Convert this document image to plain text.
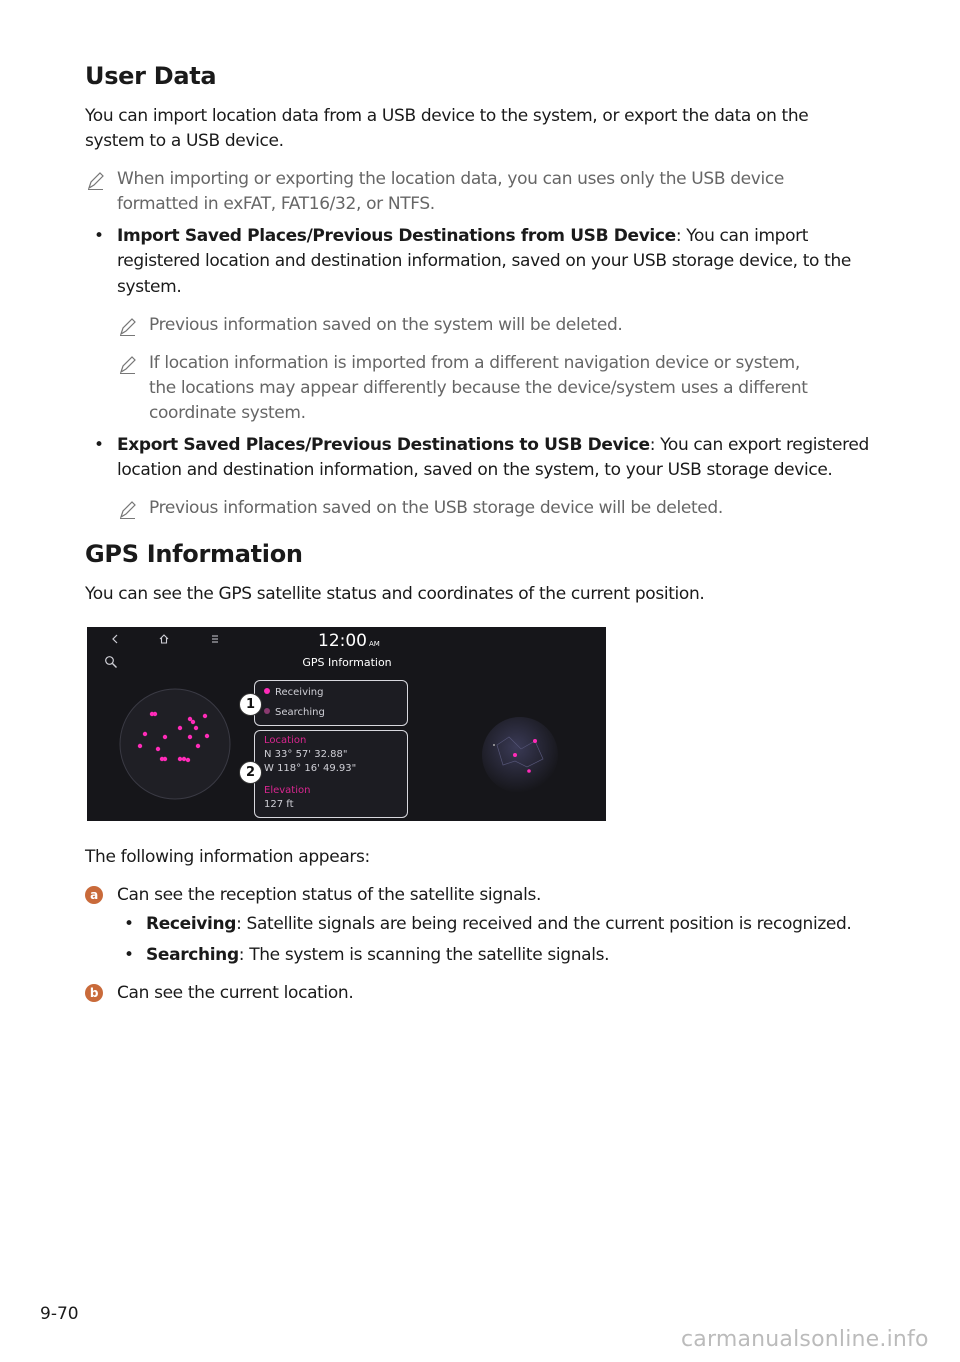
User Data
You can import location data from a USB device to the system, or export the data on the
system to a USB device.
When importing or exporting the location data, you can uses only the USB device
formatted in exFAT, FAT16/32, or NTFS.
• Import Saved Places/Previous Destinations from USB Device: You can import
registered location and destination information, saved on your USB storage device, to the
system.
Previous information saved on the system will be deleted.
If location information is imported from a different navigation device or system,
the locations may appear differently because the device/system uses a different
coordinate system.
• Export Saved Places/Previous Destinations to USB Device: You can export registered
location and destination information, saved on the system, to your USB storage device.
Previous information saved on the USB storage device will be deleted.
GPS Information
You can see the GPS satellite status and coordinates of the current position.
12:00 AM
GPS Information
Receiving
Searching
Location
N 33° 57' 32.88"
W 118° 16' 49.93"
Elevation
127 ft
1
2
The following information appears:
a	Can see the reception status of the satellite signals.
• Receiving: Satellite signals are being received and the current position is recognized.
• Searching: The system is scanning the satellite signals.
b Can see the current location.
9-70
carmanualsonline.info
